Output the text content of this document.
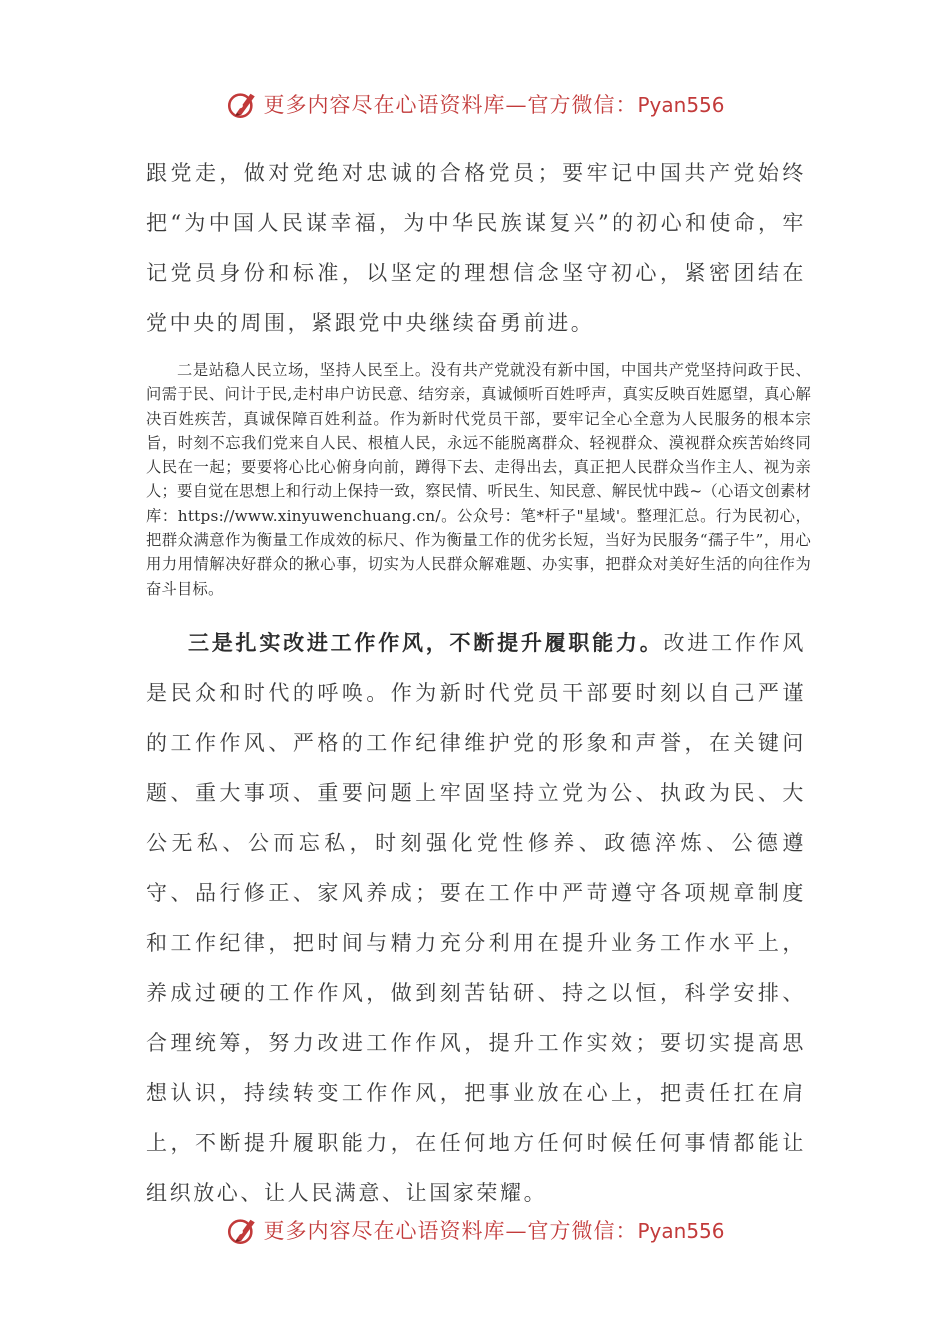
更多内容尽在心语资料库—官方微信：Pyan556

跟党走，做对党绝对忠诚的合格党员；要牢记中国共产党始终把“为中国人民谋幸福，为中华民族谋复兴”的初心和使命，牢记党员身份和标准，以坚定的理想信念坚守初心，紧密团结在党中央的周围，紧跟党中央继续奋勇前进。

二是站稳人民立场，坚持人民至上。没有共产党就没有新中国，中国共产党坚持问政于民、问需于民、问计于民,走村串户访民意、结穷亲，真诚倾听百姓呼声，真实反映百姓愿望，真心解决百姓疾苦，真诚保障百姓利益。作为新时代党员干部，要牢记全心全意为人民服务的根本宗旨，时刻不忘我们党来自人民、根植人民，永远不能脱离群众、轻视群众、漠视群众疾苦始终同人民在一起；要要将心比心俯身向前，蹲得下去、走得出去，真正把人民群众当作主人、视为亲人；要自觉在思想上和行动上保持一致，察民情、听民生、知民意、解民忧中践~（心语文创素材库：https://www.xinyuwenchuang.cn/。公众号：笔*杆子"星域'。整理汇总。行为民初心，把群众满意作为衡量工作成效的标尺、作为衡量工作的优劣长短，当好为民服务“孺子牛”，用心用力用情解决好群众的揪心事，切实为人民群众解难题、办实事，把群众对美好生活的向往作为奋斗目标。

三是扎实改进工作作风，不断提升履职能力。改进工作作风是民众和时代的呼唤。作为新时代党员干部要时刻以自己严谨的工作作风、严格的工作纪律维护党的形象和声誉，在关键问题、重大事项、重要问题上牢固坚持立党为公、执政为民、大公无私、公而忘私，时刻强化党性修养、政德淬炼、公德遵守、品行修正、家风养成；要在工作中严苛遵守各项规章制度和工作纪律，把时间与精力充分利用在提升业务工作水平上，养成过硬的工作作风，做到刻苦钻研、持之以恒，科学安排、合理统筹，努力改进工作作风，提升工作实效；要切实提高思想认识，持续转变工作作风，把事业放在心上，把责任扛在肩上，不断提升履职能力，在任何地方任何时候任何事情都能让组织放心、让人民满意、让国家荣耀。

更多内容尽在心语资料库—官方微信：Pyan556
